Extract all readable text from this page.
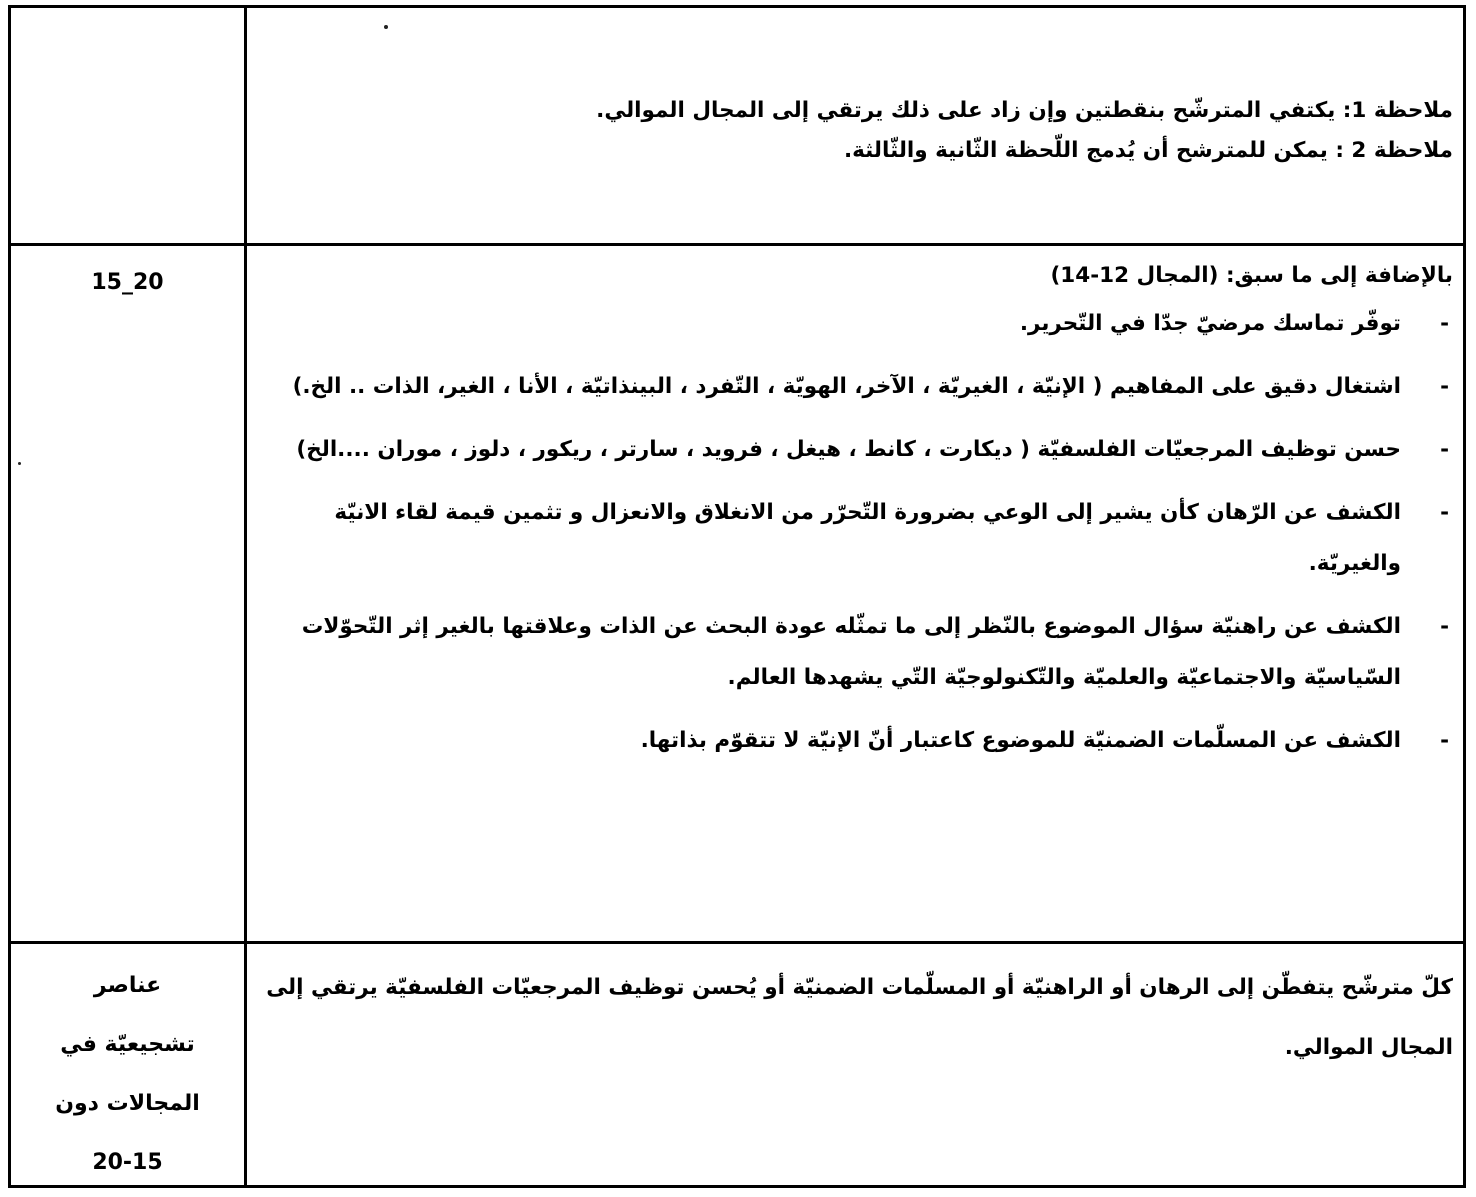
ملاحظة 1: يكتفي المترشّح بنقطتين وإن زاد على ذلك يرتقي إلى المجال الموالي.

ملاحظة 2 : يمكن للمترشح أن يُدمج اللّحظة الثّانية والثّالثة.

15_20	بالإضافة إلى ما سبق: (المجال 12-14)

-
توفّر تماسك مرضيّ جدّا في التّحرير.
-
اشتغال دقيق على المفاهيم ( الإنيّة ، الغيريّة ، الآخر، الهويّة ، التّفرد ، البينذاتيّة ، الأنا ، الغير، الذات .. الخ.)
-
حسن توظيف المرجعيّات الفلسفيّة ( ديكارت ، كانط ، هيغل ، فرويد ، سارتر ، ريكور ، دلوز ، موران ....الخ)
-
الكشف عن الرّهان كأن يشير إلى الوعي بضرورة التّحرّر من الانغلاق والانعزال و تثمين قيمة لقاء الانيّة والغيريّة.
-
الكشف عن راهنيّة سؤال الموضوع بالنّظر إلى ما تمثّله عودة البحث عن الذات وعلاقتها بالغير إثر التّحوّلات السّياسيّة والاجتماعيّة والعلميّة والتّكنولوجيّة التّي يشهدها العالم.
-
الكشف عن المسلّمات الضمنيّة للموضوع كاعتبار أنّ الإنيّة لا تتقوّم بذاتها.
عناصر
تشجيعيّة في
المجالات دون
20-15
كلّ مترشّح يتفطّن إلى الرهان أو الراهنيّة أو المسلّمات الضمنيّة أو يُحسن توظيف المرجعيّات الفلسفيّة يرتقي إلى المجال الموالي.
